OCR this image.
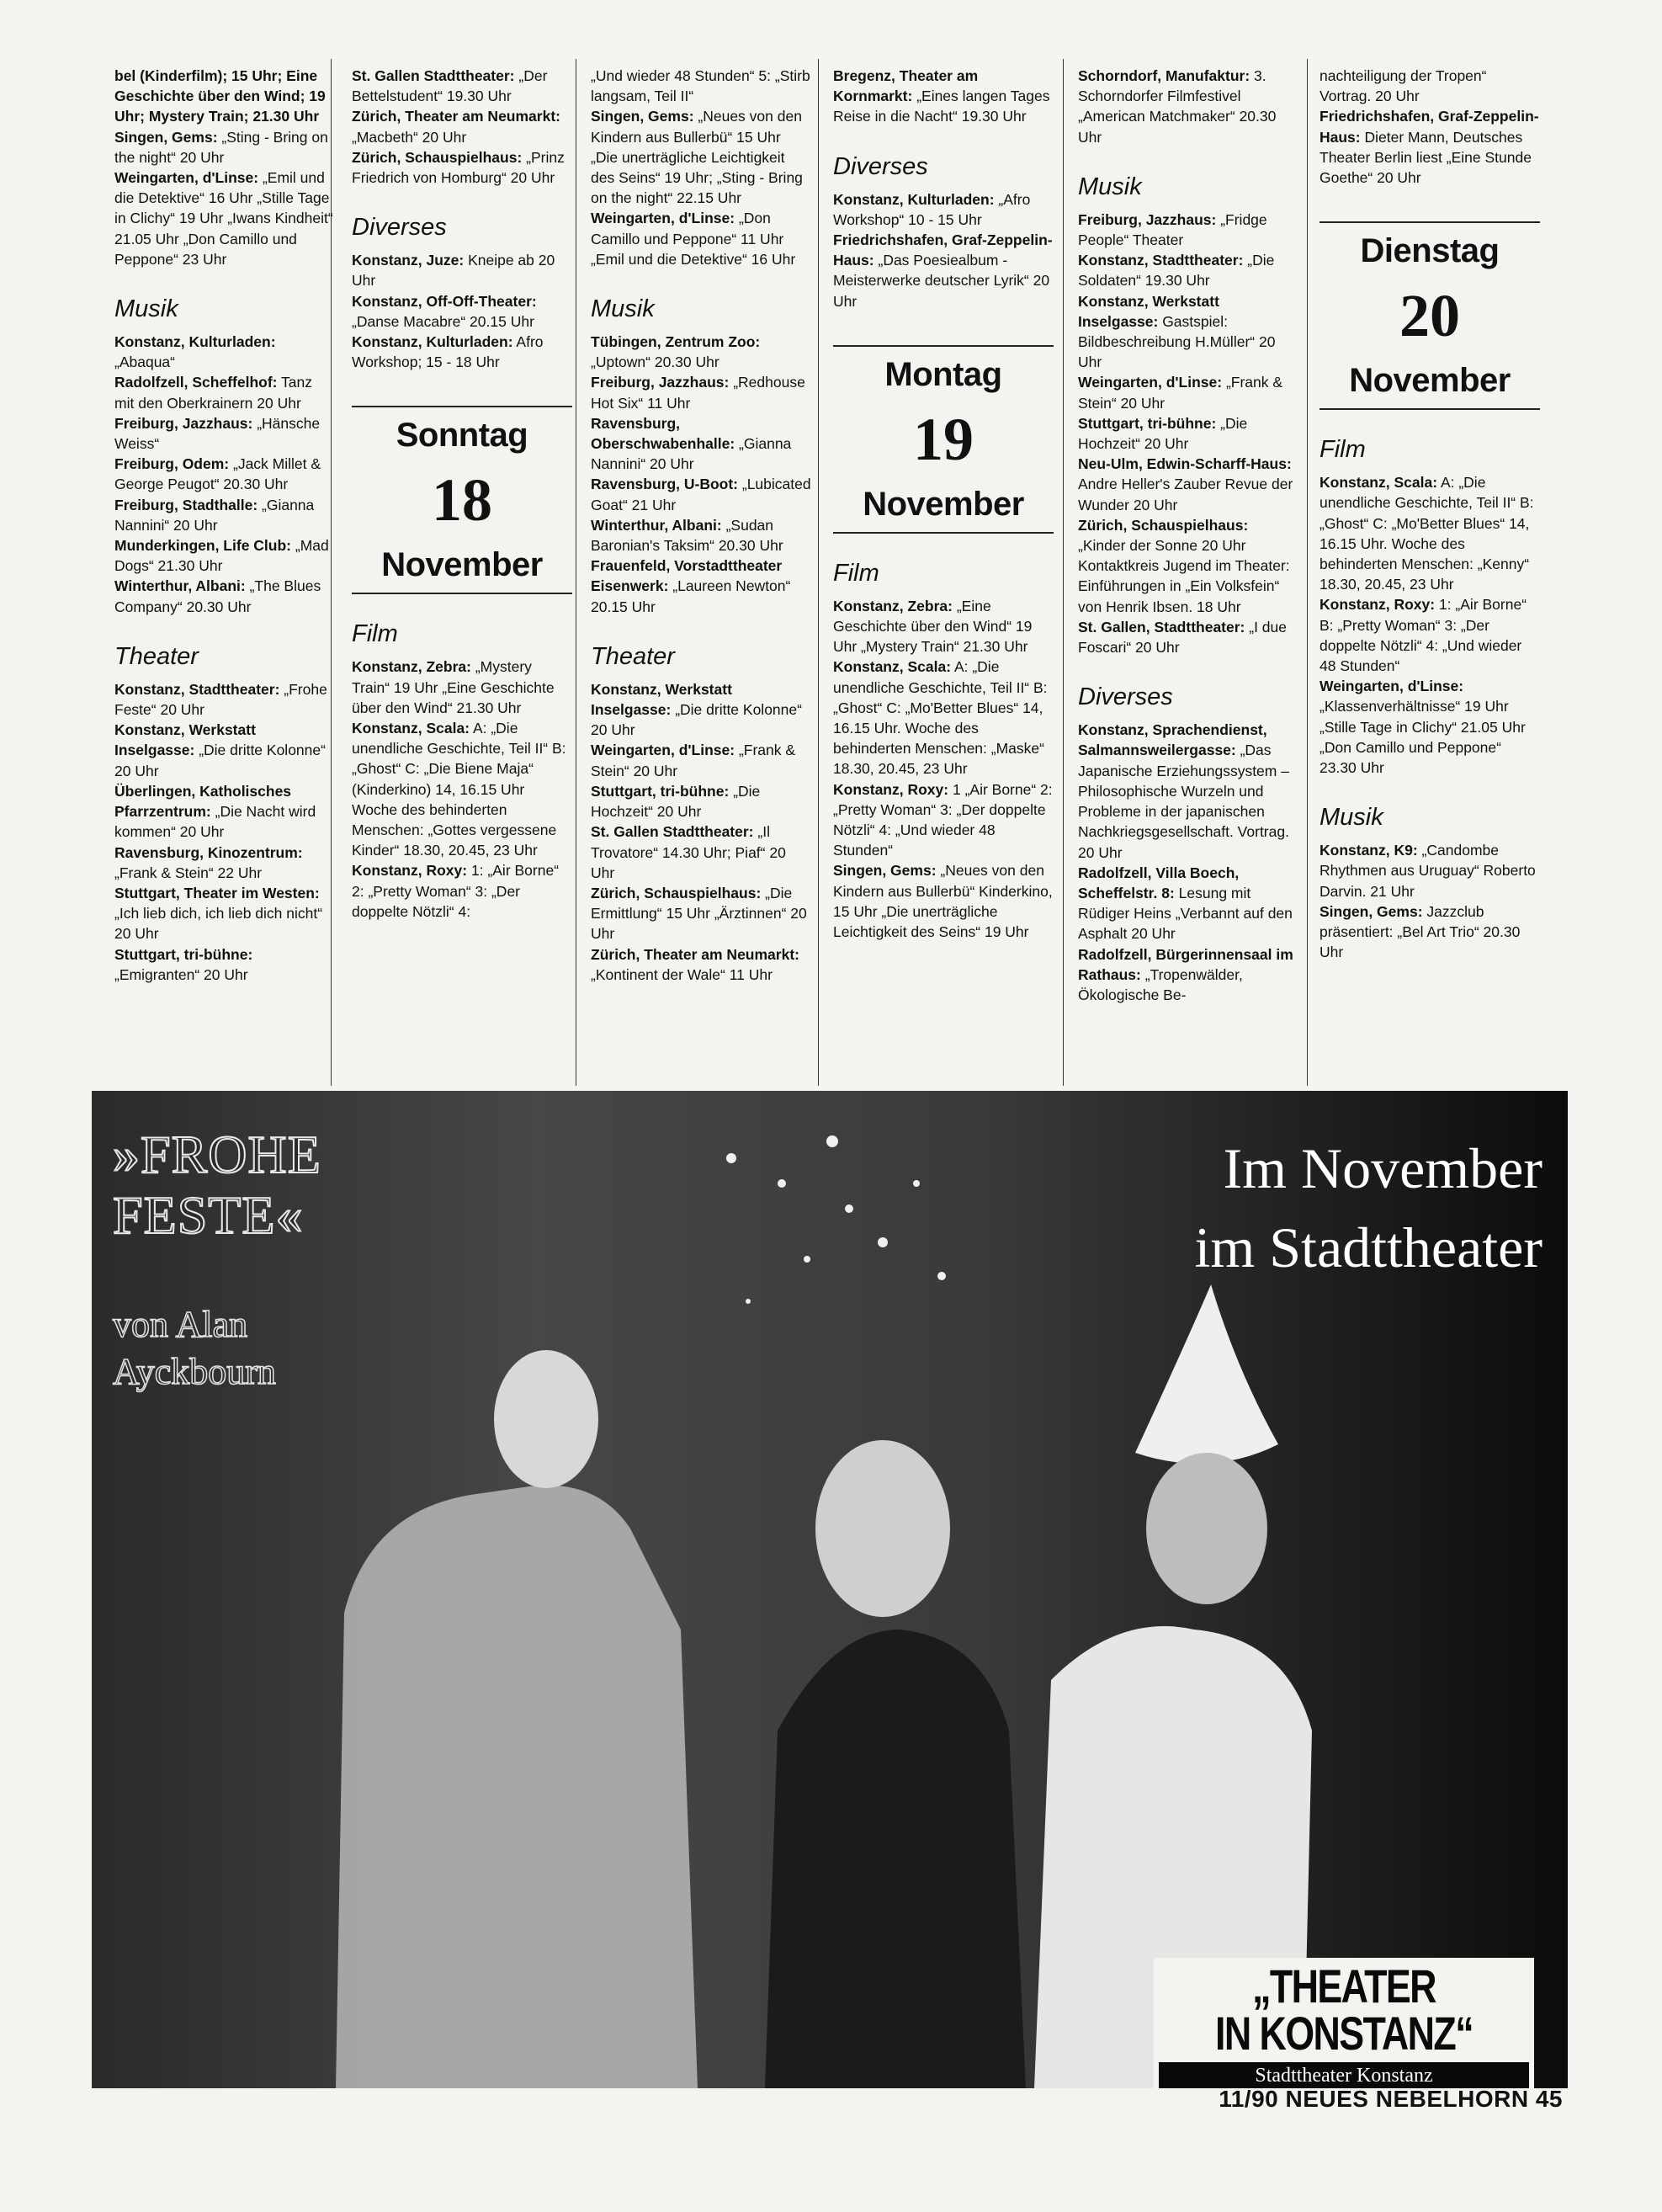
bel (Kinderfilm); 15 Uhr; Eine Geschichte über den Wind; 19 Uhr; Mystery Train; 21.30 Uhr

Singen, Gems: „Sting - Bring on the night“ 20 Uhr

Weingarten, d'Linse: „Emil und die Detektive“ 16 Uhr „Stille Tage in Clichy“ 19 Uhr „Iwans Kindheit“ 21.05 Uhr „Don Camillo und Peppone“ 23 Uhr

Musik

Konstanz, Kulturladen: „Abaqua“

Radolfzell, Scheffelhof: Tanz mit den Oberkrainern 20 Uhr

Freiburg, Jazzhaus: „Hänsche Weiss“

Freiburg, Odem: „Jack Millet & George Peugot“ 20.30 Uhr

Freiburg, Stadthalle: „Gianna Nannini“ 20 Uhr

Munderkingen, Life Club: „Mad Dogs“ 21.30 Uhr

Winterthur, Albani: „The Blues Company“ 20.30 Uhr

Theater

Konstanz, Stadttheater: „Frohe Feste“ 20 Uhr

Konstanz, Werkstatt Inselgasse: „Die dritte Kolonne“ 20 Uhr

Überlingen, Katholisches Pfarrzentrum: „Die Nacht wird kommen“ 20 Uhr

Ravensburg, Kinozentrum: „Frank & Stein“ 22 Uhr

Stuttgart, Theater im Westen: „Ich lieb dich, ich lieb dich nicht“ 20 Uhr

Stuttgart, tri-bühne: „Emigranten“ 20 Uhr

St. Gallen Stadttheater: „Der Bettelstudent“ 19.30 Uhr

Zürich, Theater am Neumarkt: „Macbeth“ 20 Uhr

Zürich, Schauspielhaus: „Prinz Friedrich von Homburg“ 20 Uhr

Diverses

Konstanz, Juze: Kneipe ab 20 Uhr

Konstanz, Off-Off-Theater: „Danse Macabre“ 20.15 Uhr

Konstanz, Kulturladen: Afro Workshop; 15 - 18 Uhr

Sonntag
18
November
Film

Konstanz, Zebra: „Mystery Train“ 19 Uhr „Eine Geschichte über den Wind“ 21.30 Uhr

Konstanz, Scala: A: „Die unendliche Geschichte, Teil II“ B: „Ghost“ C: „Die Biene Maja“ (Kinderkino) 14, 16.15 Uhr Woche des behinderten Menschen: „Gottes vergessene Kinder“ 18.30, 20.45, 23 Uhr

Konstanz, Roxy: 1: „Air Borne“ 2: „Pretty Woman“ 3: „Der doppelte Nötzli“ 4:

„Und wieder 48 Stunden“ 5: „Stirb langsam, Teil II“

Singen, Gems: „Neues von den Kindern aus Bullerbü“ 15 Uhr „Die unerträgliche Leichtigkeit des Seins“ 19 Uhr; „Sting - Bring on the night“ 22.15 Uhr

Weingarten, d'Linse: „Don Camillo und Peppone“ 11 Uhr „Emil und die Detektive“ 16 Uhr

Musik

Tübingen, Zentrum Zoo: „Uptown“ 20.30 Uhr

Freiburg, Jazzhaus: „Redhouse Hot Six“ 11 Uhr

Ravensburg, Oberschwabenhalle: „Gianna Nannini“ 20 Uhr

Ravensburg, U-Boot: „Lubicated Goat“ 21 Uhr

Winterthur, Albani: „Sudan Baronian's Taksim“ 20.30 Uhr

Frauenfeld, Vorstadttheater Eisenwerk: „Laureen Newton“ 20.15 Uhr

Theater

Konstanz, Werkstatt Inselgasse: „Die dritte Kolonne“ 20 Uhr

Weingarten, d'Linse: „Frank & Stein“ 20 Uhr

Stuttgart, tri-bühne: „Die Hochzeit“ 20 Uhr

St. Gallen Stadttheater: „Il Trovatore“ 14.30 Uhr; Piaf“ 20 Uhr

Zürich, Schauspielhaus: „Die Ermittlung“ 15 Uhr „Ärztinnen“ 20 Uhr

Zürich, Theater am Neumarkt: „Kontinent der Wale“ 11 Uhr

Bregenz, Theater am Kornmarkt: „Eines langen Tages Reise in die Nacht“ 19.30 Uhr

Diverses

Konstanz, Kulturladen: „Afro Workshop“ 10 - 15 Uhr

Friedrichshafen, Graf-Zeppelin-Haus: „Das Poesiealbum - Meisterwerke deutscher Lyrik“ 20 Uhr

Montag
19
November
Film

Konstanz, Zebra: „Eine Geschichte über den Wind“ 19 Uhr „Mystery Train“ 21.30 Uhr

Konstanz, Scala: A: „Die unendliche Geschichte, Teil II“ B: „Ghost“ C: „Mo'Better Blues“ 14, 16.15 Uhr. Woche des behinderten Menschen: „Maske“ 18.30, 20.45, 23 Uhr

Konstanz, Roxy: 1 „Air Borne“ 2: „Pretty Woman“ 3: „Der doppelte Nötzli“ 4: „Und wieder 48 Stunden“

Singen, Gems: „Neues von den Kindern aus Bullerbü“ Kinderkino, 15 Uhr „Die unerträgliche Leichtigkeit des Seins“ 19 Uhr

Schorndorf, Manufaktur: 3. Schorndorfer Filmfestivel „American Matchmaker“ 20.30 Uhr

Musik

Freiburg, Jazzhaus: „Fridge People“ Theater

Konstanz, Stadttheater: „Die Soldaten“ 19.30 Uhr

Konstanz, Werkstatt Inselgasse: Gastspiel: Bildbeschreibung H.Müller“ 20 Uhr

Weingarten, d'Linse: „Frank & Stein“ 20 Uhr

Stuttgart, tri-bühne: „Die Hochzeit“ 20 Uhr

Neu-Ulm, Edwin-Scharff-Haus: Andre Heller's Zauber Revue der Wunder 20 Uhr

Zürich, Schauspielhaus: „Kinder der Sonne 20 Uhr Kontaktkreis Jugend im Theater: Einführungen in „Ein Volksfein“ von Henrik Ibsen. 18 Uhr

St. Gallen, Stadttheater: „I due Foscari“ 20 Uhr

Diverses

Konstanz, Sprachendienst, Salmannsweilergasse: „Das Japanische Erziehungssystem – Philosophische Wurzeln und Probleme in der japanischen Nachkriegsgesellschaft. Vortrag. 20 Uhr

Radolfzell, Villa Boech, Scheffelstr. 8: Lesung mit Rüdiger Heins „Verbannt auf den Asphalt 20 Uhr

Radolfzell, Bürgerinnensaal im Rathaus: „Tropenwälder, Ökologische Be-

nachteiligung der Tropen“ Vortrag. 20 Uhr

Friedrichshafen, Graf-Zeppelin-Haus: Dieter Mann, Deutsches Theater Berlin liest „Eine Stunde Goethe“ 20 Uhr

Dienstag
20
November
Film

Konstanz, Scala: A: „Die unendliche Geschichte, Teil II“ B: „Ghost“ C: „Mo'Better Blues“ 14, 16.15 Uhr. Woche des behinderten Menschen: „Kenny“ 18.30, 20.45, 23 Uhr

Konstanz, Roxy: 1: „Air Borne“ B: „Pretty Woman“ 3: „Der doppelte Nötzli“ 4: „Und wieder 48 Stunden“

Weingarten, d'Linse: „Klassenverhältnisse“ 19 Uhr „Stille Tage in Clichy“ 21.05 Uhr „Don Camillo und Peppone“ 23.30 Uhr

Musik

Konstanz, K9: „Candombe Rhythmen aus Uruguay“ Roberto Darvin. 21 Uhr

Singen, Gems: Jazzclub präsentiert: „Bel Art Trio“ 20.30 Uhr

»FROHE
FESTE«
von Alan
Ayckbourn
Im November
im Stadttheater
„THEATER
IN KONSTANZ“
Stadttheater Konstanz
11/90 NEUES NEBELHORN 45
